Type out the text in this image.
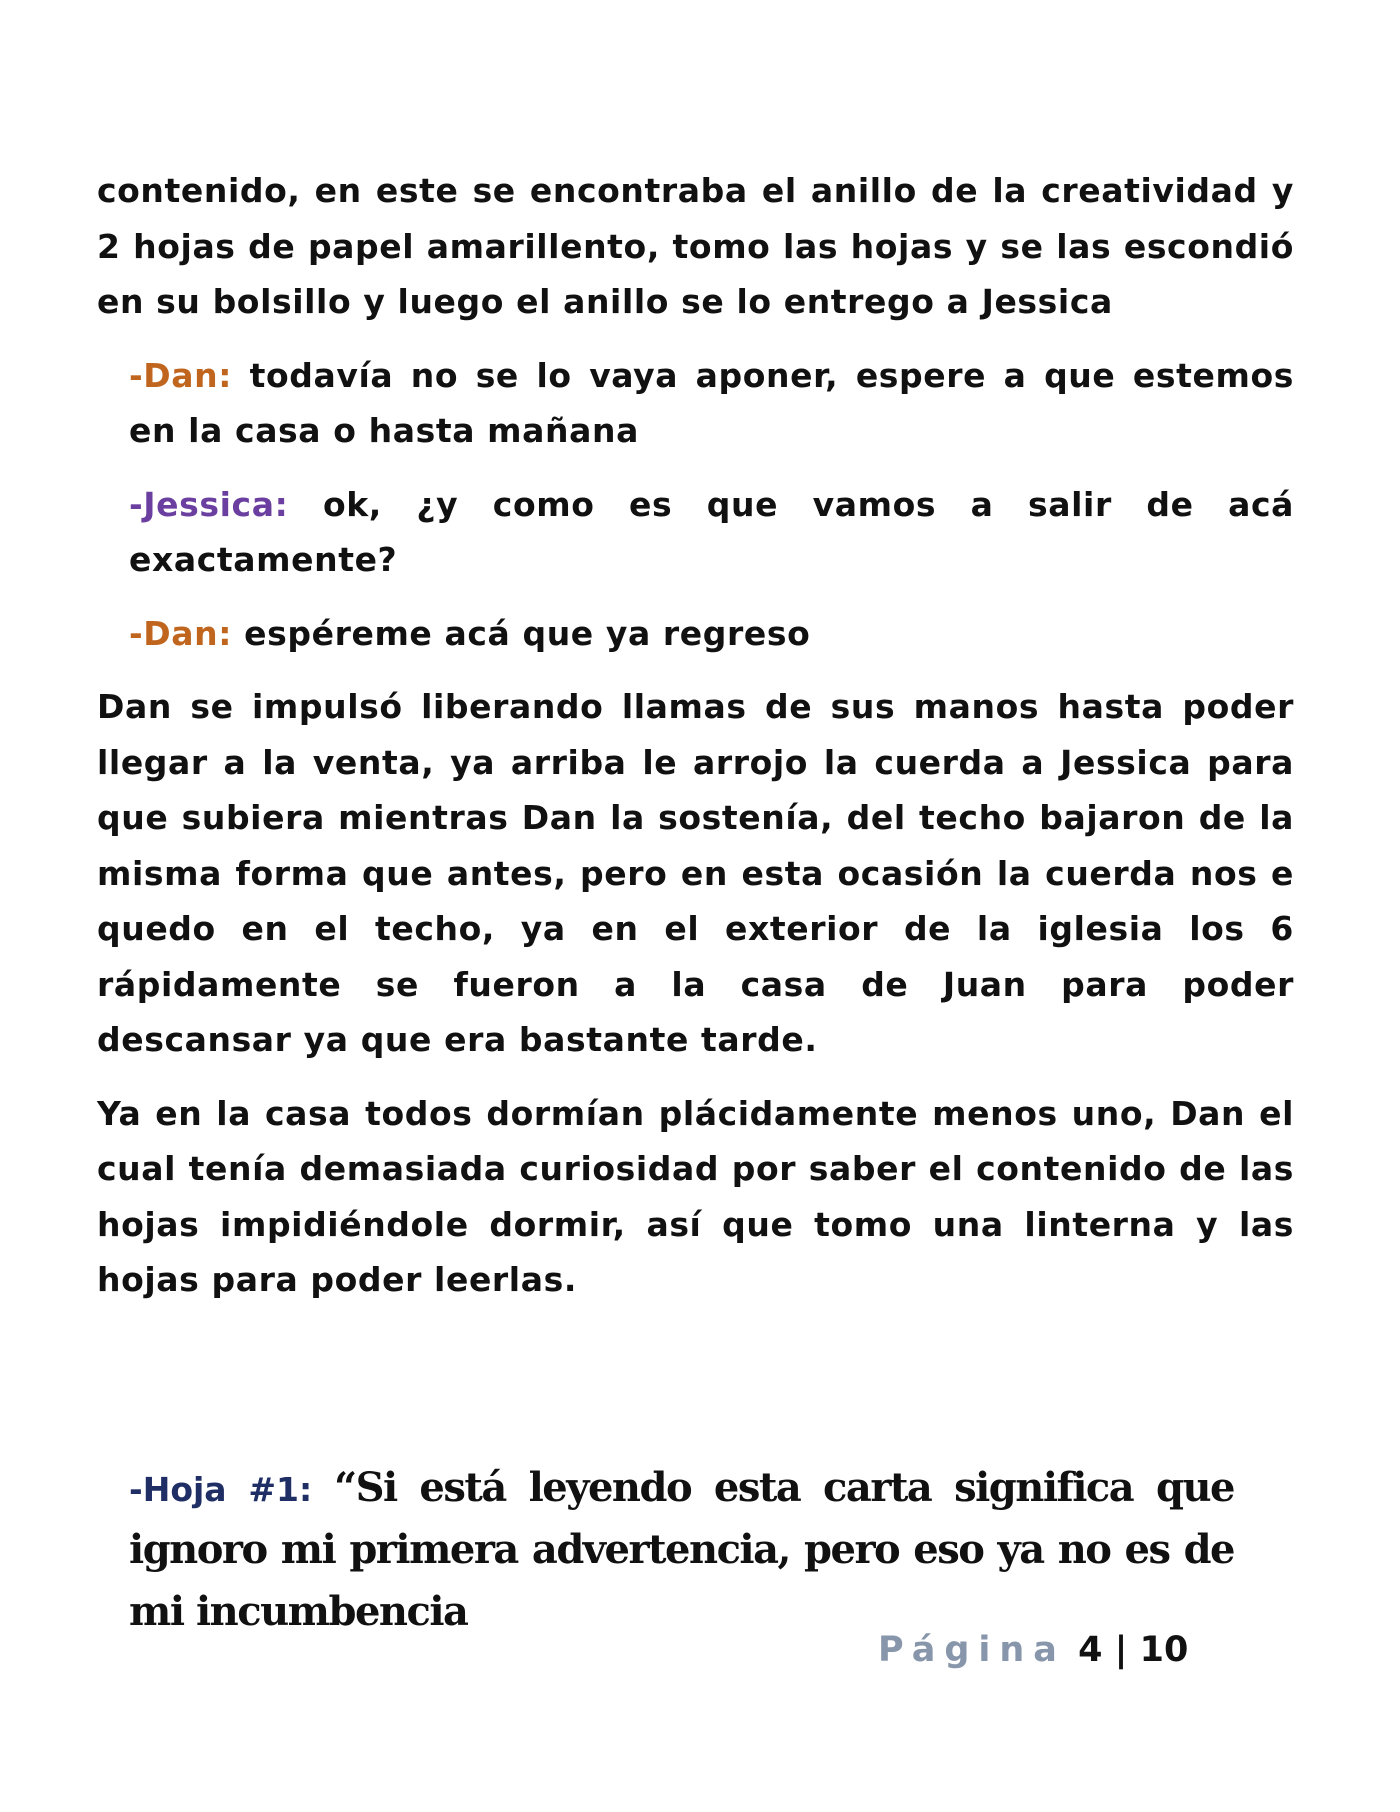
contenido, en este se encontraba el anillo de la creatividad y 2 hojas de papel amarillento, tomo las hojas y se las escondió en su bolsillo y luego el anillo se lo entrego a Jessica

-Dan: todavía no se lo vaya aponer, espere a que estemos en la casa o hasta mañana

-Jessica: ok, ¿y como es que vamos a salir de acá exactamente?

-Dan: espéreme acá que ya regreso

Dan se impulsó liberando llamas de sus manos hasta poder llegar a la venta, ya arriba le arrojo la cuerda a Jessica para que subiera mientras Dan la sostenía, del techo bajaron de la misma forma que antes, pero en esta ocasión la cuerda nos e quedo en el techo, ya en el exterior de la iglesia los 6 rápidamente se fueron a la casa de Juan para poder descansar ya que era bastante tarde.

Ya en la casa todos dormían plácidamente menos uno, Dan el cual tenía demasiada curiosidad por saber el contenido de las hojas impidiéndole dormir, así que tomo una linterna y las hojas para poder leerlas.

-Hoja #1: “Si está leyendo esta carta significa que ignoro mi primera advertencia, pero eso ya no es de mi incumbencia
Página 4 | 10
